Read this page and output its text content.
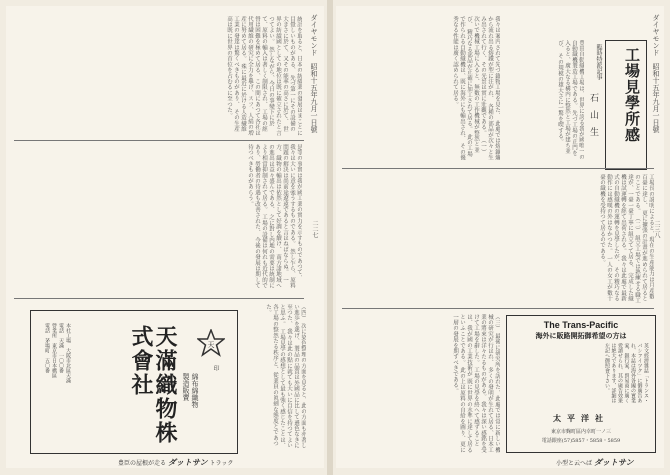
ダイヤモンド　昭和十五年九月一日號
二二七
統計を取ると、日本の紡績業の發展はまことに目覺しいものがある、 先づ第一にその設備の大きさに於て、又その能率の高さに於て、 世界の紡績國としての地位は既に確立されたと言つてよい。 然しながら、今日の事變下に於て、原料の輸入は著しく制限され、 工場の經營は困難を極めて居る、この間にあつて各社は 代用繊維の研究に全力を擧げ、スフ、人絹の増産に努めて居る。 殊に最近に於ける人造繊維工業の發達は驚くべきものがあり、 その生産高は既に世界の首位を占むるに至つた。
是等の事實は我が國工業の實力を示すものであつて、 我々は大いに意を強うするものである。 然し乍ら、原料問題の解決は尚前途遼遠であると言はねばならぬ。 一方、織物の輸出は依然として好調を續け、 南方諸地域への進出は益々盛んである、 之に對し内地の需要は統制により相當抑制されて居る。 工場の設備は何れも近代的であり、勞働者の待遇も改善された、 今後の發展は期して待つべきものがあらう。
（四） 次に染色整理の方面を見ると、此の方面も亦著しい進歩を遂げ、 製品の品質は外國品に比して遜色なきに至つた、 我々は此の點に就ても大いに自信を持つてよいと思ふ。 工場見學の感想として最も強く感じたことは、 各工場の整然たる秩序と、從業員の眞劍な態度とであつた。
天
印
綿布綿織物
製造販賣
天滿織物株式會社
本社工場　大阪市北區天滿
電話　天滿　一〇〇番
營業所　東京市日本橋區
電話　茅場町　五〇番
豊臣の屋根が走る ダットサン トラック
ダイヤモンド　昭和十五年九月一日號
二三八
工場見學所感
臨時特派記事
石山生
豊田自動織機工場は、世界に誇る我が國唯一の自動織機製造工場である。 先づ工場の正門を入ると、廣大なる構内に整然と工場が建ち並び、 その規模の雄大さに一驚を喫する。
我々は案内されて先づ鑄物工場を見た、 此處では熔鑛爐から流れ出る熔鐵が型に注がれ、 各種の部品が次々と生み出されて行く、その光景は實に壯觀である。 （一） 次いで機械工場に入ると、無數の工作機械が整然と並び、 精巧なる部品が正確に加工されて居る。 此の工場で作られる自動織機は、既に海外にも輸出され、 その優秀なる性能は廣く認められて居る。
工場長の説明によると、現在の生産能力は月産數百臺に達し、 更に擴張の計畫が進められて居るとのことである。 （二） 組立工場では熟練せる職工達が、一臺一臺丁寧に組立てて居る、 完成した織機は試運轉を經て出荷される。 我々は此處で最新式の自動織機の運轉を見學したが、 その精巧なる動作には感嘆の外はなかつた。 一人の女工が數十臺の織機を受持つて居るのである。
（三） 最後に研究所を訪れた、此處では常に新しい機械の研究が行はれ、 多くの發明が生れて居る、日本工業の將來は洋々たるものがある。 我々は深い感銘を受けて工場を辭した。 工場の見學を終へて感ずることは、我が國の工業技術が 既に世界の水準に達して居るといふことである。 此の上は原料の自給を圖り、更に一層の發展を期すべきである。	The Trans-Pacific
海外に販路開拓御希望の方は
英文經濟雜誌「トランス・パシフイツク」に御廣告あれ、本誌は海外各國の實業家、銀行家、貿易商に廣く愛讀せられ、其の廣告效果は絶大であります、詳細は左記へ御照會下さい。
太平洋社
東京市麴町區内幸町一ノ三
電話銀座(57)5857・5858・5859
小型と云へば ダットサン
